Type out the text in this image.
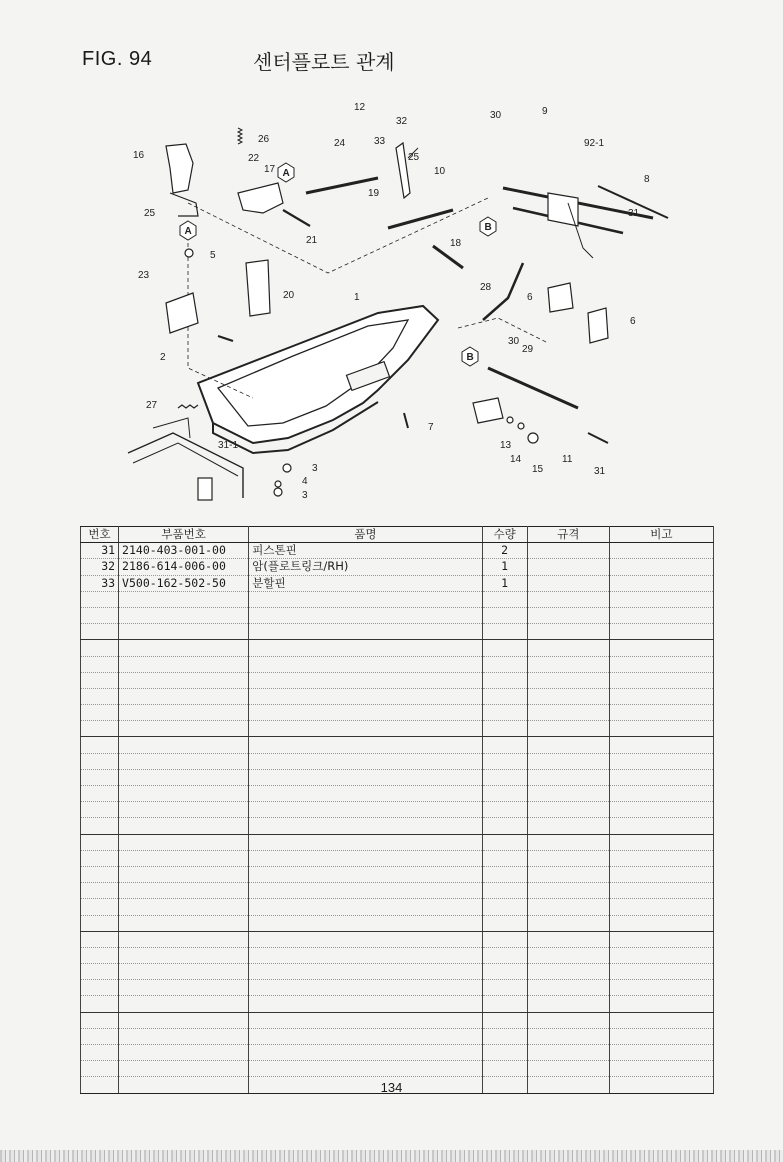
FIG. 94	센터플로트 관계
A
A	B
B
12
32
33
24
25
10
19
18
26
22
17
16
25
5
23
20
21
2
1
27
31-1
7
3
4
3
30	9
92-1
8
31
28
6
6
30
29
13
14
15
11
31
번호	부품번호	품명	수량	규격	비고
31	2140-403-001-00	피스톤핀	2		
32	2186-614-006-00	암(플로트링크/RH)	1		
33	V500-162-502-50	분할핀	1		

134
